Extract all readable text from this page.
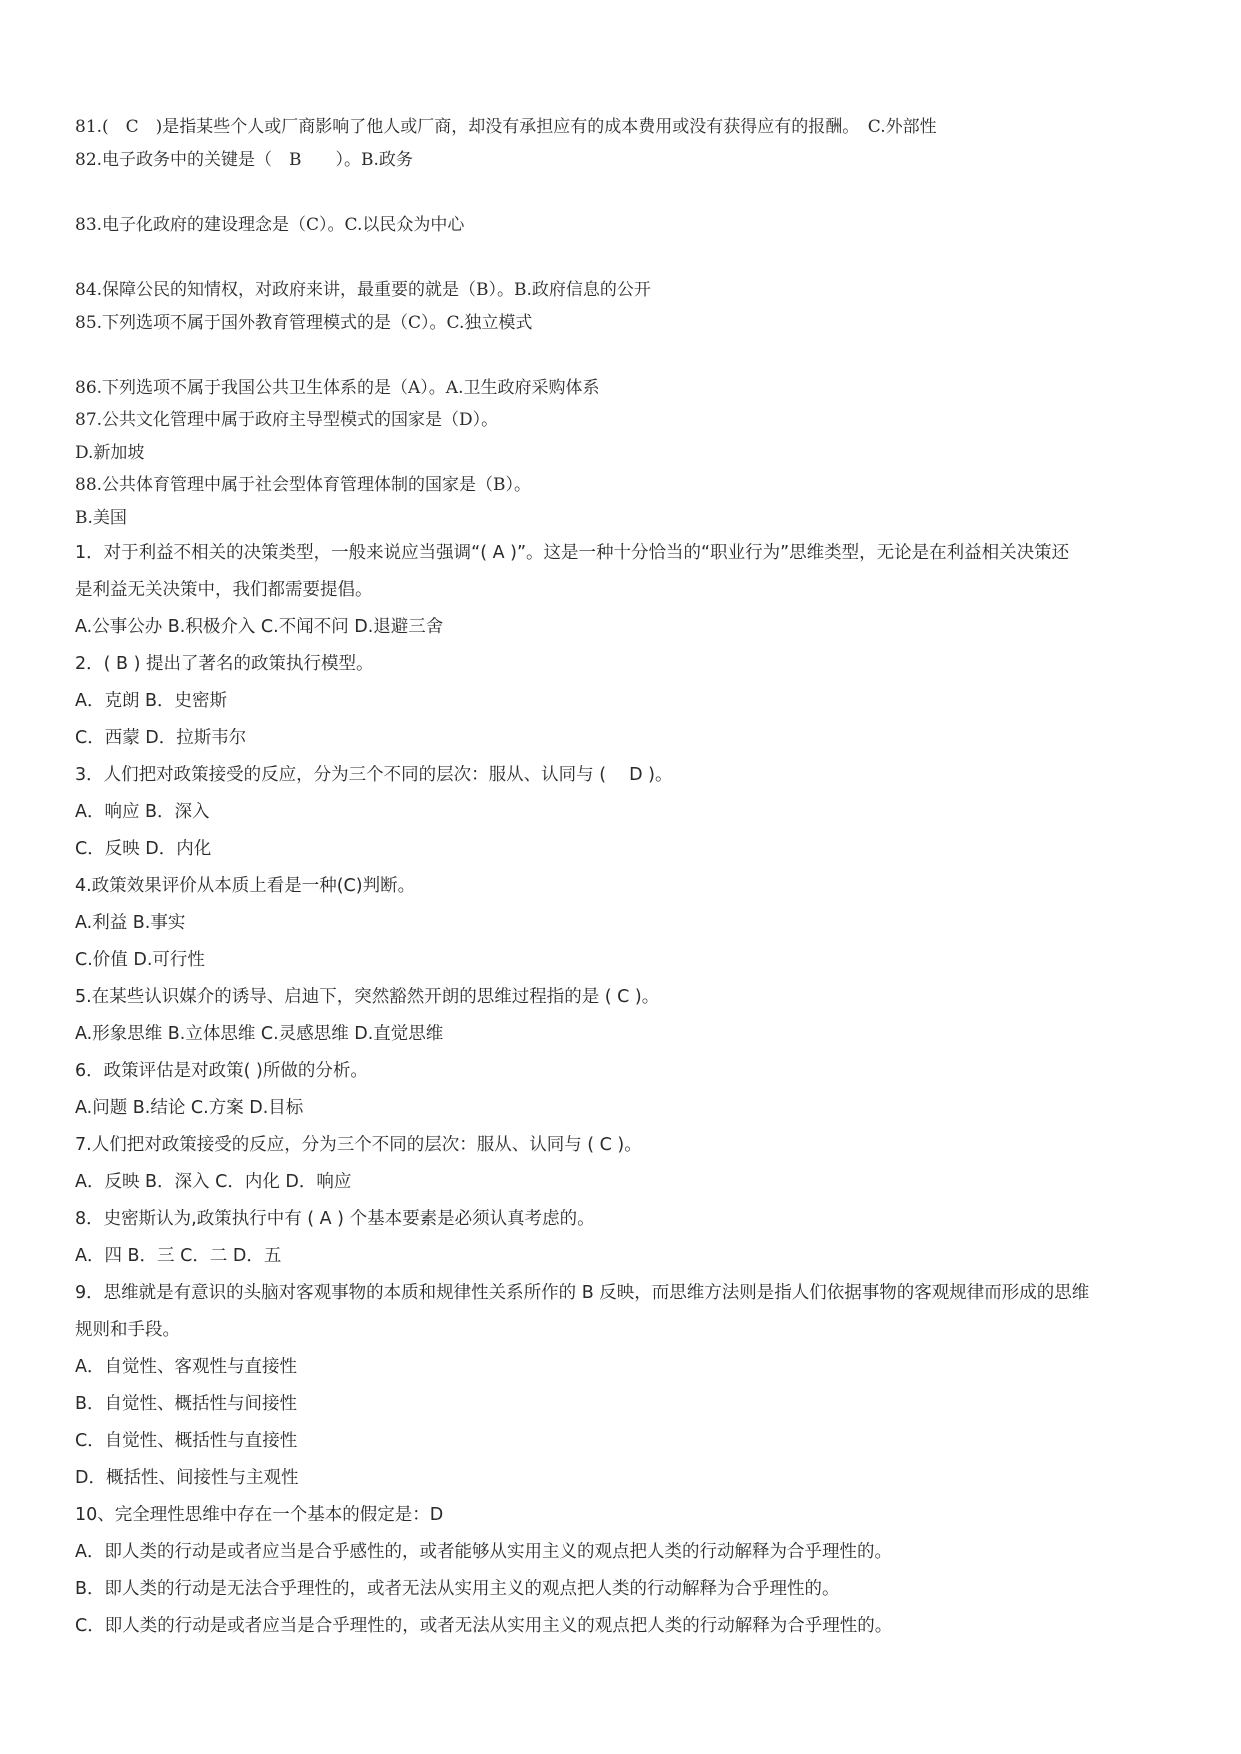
81.(　C　)是指某些个人或厂商影响了他人或厂商，却没有承担应有的成本费用或没有获得应有的报酬。　C.外部性
82.电子政务中的关键是（　B　　）。B.政务
83.电子化政府的建设理念是（C）。C.以民众为中心
84.保障公民的知情权，对政府来讲，最重要的就是（B）。B.政府信息的公开
85.下列选项不属于国外教育管理模式的是（C）。C.独立模式
86.下列选项不属于我国公共卫生体系的是（A）。A.卫生政府采购体系
87.公共文化管理中属于政府主导型模式的国家是（D）。
D.新加坡
88.公共体育管理中属于社会型体育管理体制的国家是（B）。
B.美国
1．对于利益不相关的决策类型，一般来说应当强调“( A )”。这是一种十分恰当的“职业行为”思维类型，无论是在利益相关决策还
是利益无关决策中，我们都需要提倡。
A.公事公办 B.积极介入 C.不闻不问 D.退避三舍
2．( B ) 提出了著名的政策执行模型。
A．克朗 B．史密斯
C．西蒙 D．拉斯韦尔
3．人们把对政策接受的反应，分为三个不同的层次：服从、认同与 ( 　D )。
A．响应 B．深入
C．反映 D．内化
4.政策效果评价从本质上看是一种(C)判断。
A.利益 B.事实
C.价值 D.可行性
5.在某些认识媒介的诱导、启迪下，突然豁然开朗的思维过程指的是 ( C )。
A.形象思维 B.立体思维 C.灵感思维 D.直觉思维
6．政策评估是对政策( )所做的分析。
A.问题 B.结论 C.方案 D.目标
7.人们把对政策接受的反应，分为三个不同的层次：服从、认同与 ( C )。
A．反映 B．深入 C．内化 D．响应
8．史密斯认为,政策执行中有 ( A ) 个基本要素是必须认真考虑的。
A．四 B．三 C．二 D．五
9．思维就是有意识的头脑对客观事物的本质和规律性关系所作的 B 反映，而思维方法则是指人们依据事物的客观规律而形成的思维
规则和手段。
A．自觉性、客观性与直接性
B．自觉性、概括性与间接性
C．自觉性、概括性与直接性
D．概括性、间接性与主观性
10、完全理性思维中存在一个基本的假定是：D
A．即人类的行动是或者应当是合乎感性的，或者能够从实用主义的观点把人类的行动解释为合乎理性的。
B．即人类的行动是无法合乎理性的，或者无法从实用主义的观点把人类的行动解释为合乎理性的。
C．即人类的行动是或者应当是合乎理性的，或者无法从实用主义的观点把人类的行动解释为合乎理性的。
